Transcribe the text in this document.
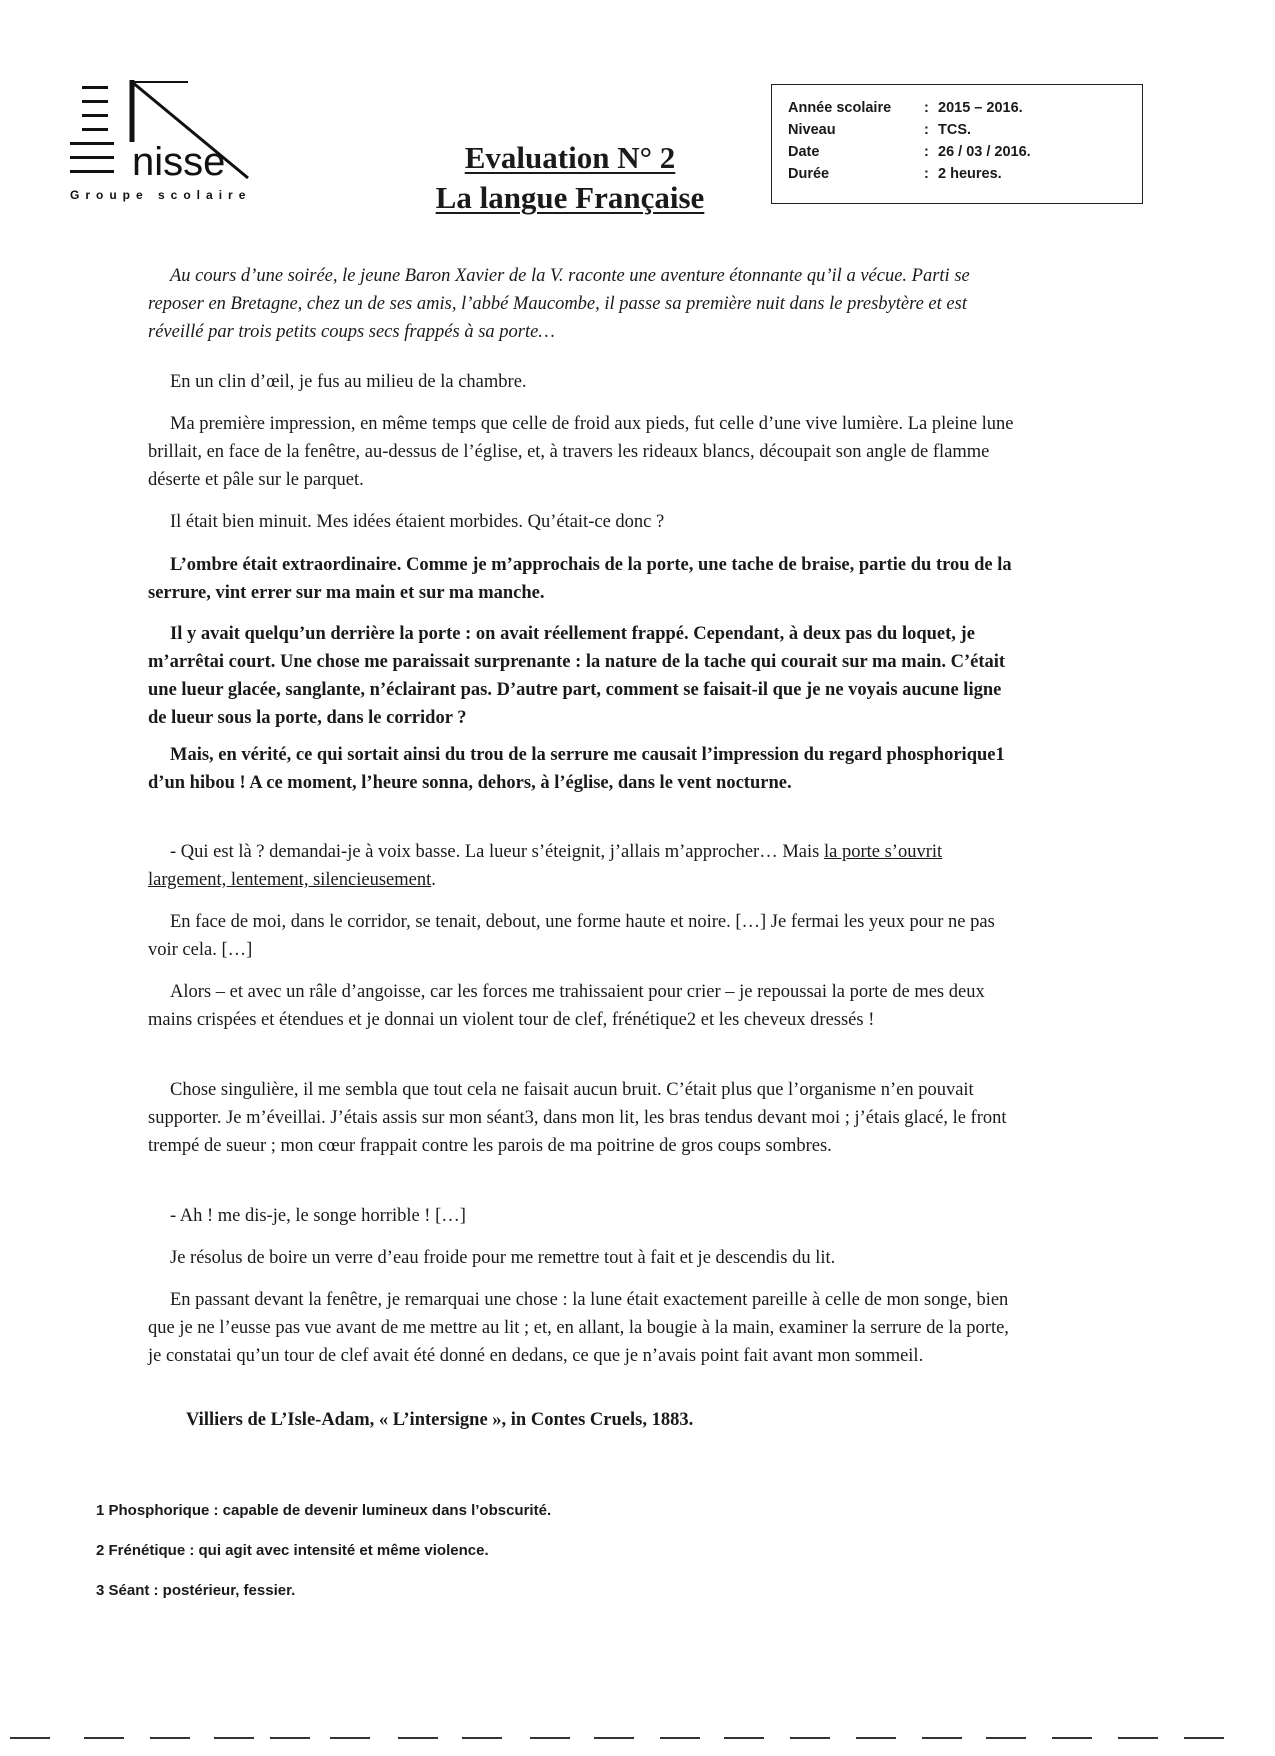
nisse
Groupe scolaire
Evaluation N° 2
La langue Française
Année scolaire : 2015 – 2016.
Niveau	: TCS.
Date	: 26 / 03 / 2016.
Durée	: 2 heures.

Au cours d’une soirée, le jeune Baron Xavier de la V. raconte une aventure étonnante qu’il a vécue. Parti se reposer en Bretagne, chez un de ses amis, l’abbé Maucombe, il passe sa première nuit dans le presbytère et est réveillé par trois petits coups secs frappés à sa porte…

En un clin d’œil, je fus au milieu de la chambre.

Ma première impression, en même temps que celle de froid aux pieds, fut celle d’une vive lumière. La pleine lune brillait, en face de la fenêtre, au-dessus de l’église, et, à travers les rideaux blancs, découpait son angle de flamme déserte et pâle sur le parquet.

Il était bien minuit. Mes idées étaient morbides. Qu’était-ce donc ?

L’ombre était extraordinaire. Comme je m’approchais de la porte, une tache de braise, partie du trou de la serrure, vint errer sur ma main et sur ma manche.

Il y avait quelqu’un derrière la porte : on avait réellement frappé. Cependant, à deux pas du loquet, je m’arrêtai court. Une chose me paraissait surprenante : la nature de la tache qui courait sur ma main. C’était une lueur glacée, sanglante, n’éclairant pas. D’autre part, comment se faisait-il que je ne voyais aucune ligne de lueur sous la porte, dans le corridor ?

Mais, en vérité, ce qui sortait ainsi du trou de la serrure me causait l’impression du regard phosphorique1 d’un hibou ! A ce moment, l’heure sonna, dehors, à l’église, dans le vent nocturne.

- Qui est là ? demandai-je à voix basse. La lueur s’éteignit, j’allais m’approcher… Mais la porte s’ouvrit largement, lentement, silencieusement.

En face de moi, dans le corridor, se tenait, debout, une forme haute et noire. […] Je fermai les yeux pour ne pas voir cela. […]

Alors – et avec un râle d’angoisse, car les forces me trahissaient pour crier – je repoussai la porte de mes deux mains crispées et étendues et je donnai un violent tour de clef, frénétique2 et les cheveux dressés !

Chose singulière, il me sembla que tout cela ne faisait aucun bruit. C’était plus que l’organisme n’en pouvait supporter. Je m’éveillai. J’étais assis sur mon séant3, dans mon lit, les bras tendus devant moi ; j’étais glacé, le front trempé de sueur ; mon cœur frappait contre les parois de ma poitrine de gros coups sombres.

- Ah ! me dis-je, le songe horrible ! […]

Je résolus de boire un verre d’eau froide pour me remettre tout à fait et je descendis du lit.

En passant devant la fenêtre, je remarquai une chose : la lune était exactement pareille à celle de mon songe, bien que je ne l’eusse pas vue avant de me mettre au lit ; et, en allant, la bougie à la main, examiner la serrure de la porte, je constatai qu’un tour de clef avait été donné en dedans, ce que je n’avais point fait avant mon sommeil.

Villiers de L’Isle-Adam, « L’intersigne », in Contes Cruels, 1883.
1 Phosphorique : capable de devenir lumineux dans l’obscurité.
2 Frénétique : qui agit avec intensité et même violence.
3 Séant : postérieur, fessier.
